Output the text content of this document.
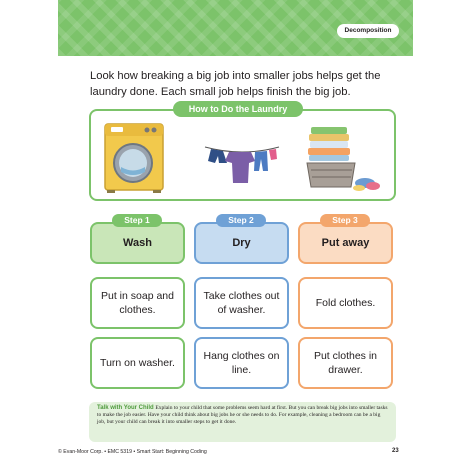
Decomposition
Look how breaking a big job into smaller jobs helps get the laundry done. Each small job helps finish the big job.
How to Do the Laundry
Wash
Step 1
Put in soap and clothes.
Turn on washer.
Dry
Step 2
Take clothes out of washer.
Hang clothes on line.
Put away
Step 3
Fold clothes.
Put clothes in drawer.
Talk with Your Child Explain to your child that some problems seem hard at first. But you can break big jobs into smaller tasks to make the job easier. Have your child think about big jobs he or she needs to do. For example, cleaning a bedroom can be a big job, but your child can break it into smaller steps to get it done.
© Evan-Moor Corp. • EMC 5319 • Smart Start: Beginning Coding	23
